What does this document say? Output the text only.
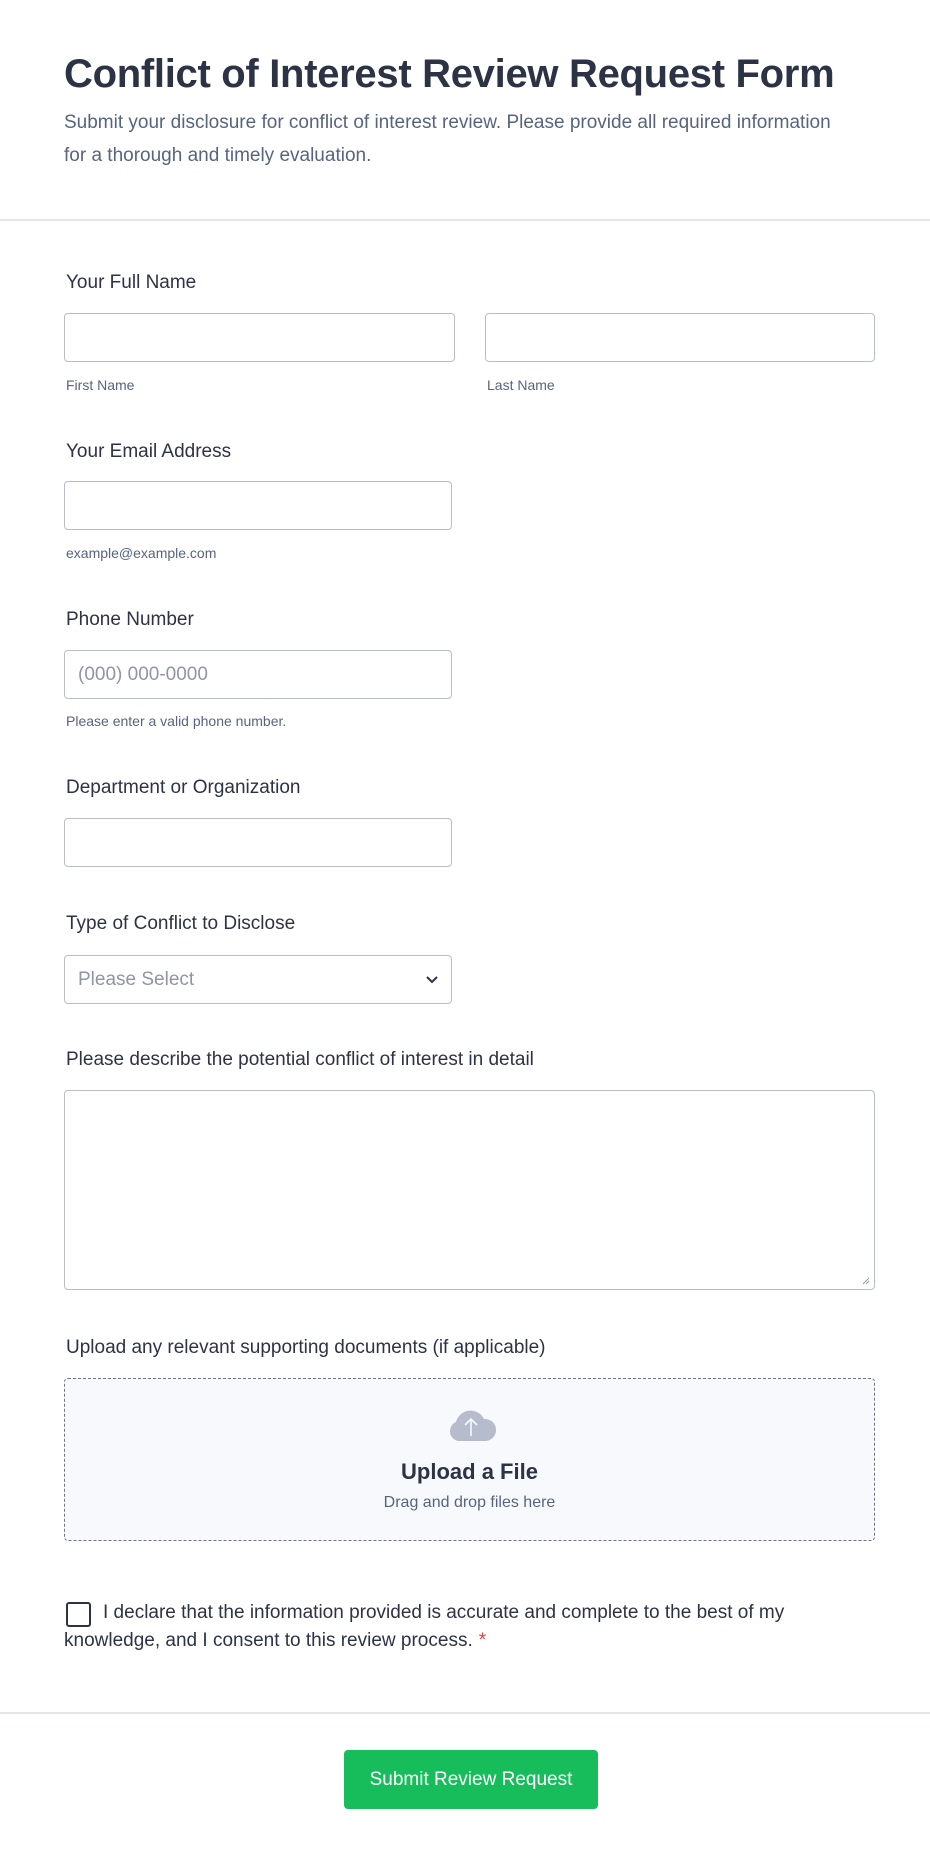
Conflict of Interest Review Request Form

Submit your disclosure for conflict of interest review. Please provide all required information for a thorough and timely evaluation.

Your Full Name
First Name	Last Name
Your Email Address
example@example.com
Phone Number
(000) 000-0000
Please enter a valid phone number.
Department or Organization
Type of Conflict to Disclose
Please Select
Please describe the potential conflict of interest in detail
Upload any relevant supporting documents (if applicable)
Upload a File
Drag and drop files here

I declare that the information provided is accurate and complete to the best of my knowledge, and I consent to this review process. *

Submit Review Request
